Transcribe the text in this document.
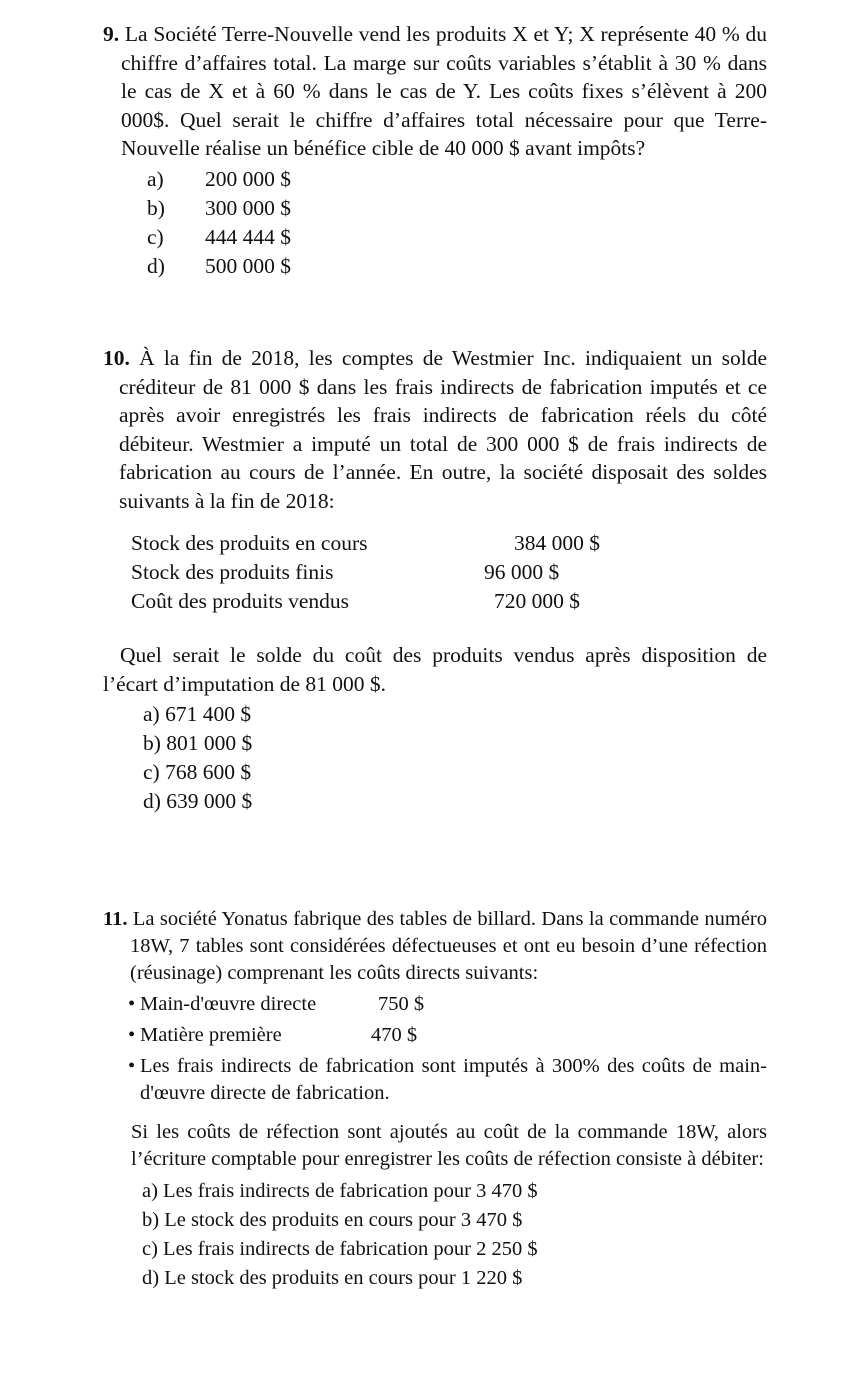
9. La Société Terre-Nouvelle vend les produits X et Y; X représente 40 % du chiffre d’affaires total. La marge sur coûts variables s’établit à 30 % dans le cas de X et à 60 % dans le cas de Y. Les coûts fixes s’élèvent à 200 000$. Quel serait le chiffre d’affaires total nécessaire pour que Terre-Nouvelle réalise un bénéfice cible de 40 000 $ avant impôts?
a)	200 000 $
b)	300 000 $
c)	444 444 $
d)	500 000 $
10. À la fin de 2018, les comptes de Westmier Inc. indiquaient un solde créditeur de 81 000 $ dans les frais indirects de fabrication imputés et ce après avoir enregistrés les frais indirects de fabrication réels du côté débiteur. Westmier a imputé un total de 300 000 $ de frais indirects de fabrication au cours de l’année. En outre, la société disposait des soldes suivants à la fin de 2018:
Stock des produits en cours	384 000 $
Stock des produits finis	96 000 $
Coût des produits vendus	720 000 $
Quel serait le solde du coût des produits vendus après disposition de l’écart d’imputation de 81 000 $.
a) 671 400 $
b) 801 000 $
c) 768 600 $
d) 639 000 $
11. La société Yonatus fabrique des tables de billard. Dans la commande numéro 18W, 7 tables sont considérées défectueuses et ont eu besoin d’une réfection (réusinage) comprenant les coûts directs suivants:
• Main-d'œuvre directe	750 $
• Matière première	470 $
• Les frais indirects de fabrication sont imputés à 300% des coûts de main-d'œuvre directe de fabrication.
Si les coûts de réfection sont ajoutés au coût de la commande 18W, alors l’écriture comptable pour enregistrer les coûts de réfection consiste à débiter:
a) Les frais indirects de fabrication pour 3 470 $
b) Le stock des produits en cours pour 3 470 $
c) Les frais indirects de fabrication pour 2 250 $
d) Le stock des produits en cours pour 1 220 $
